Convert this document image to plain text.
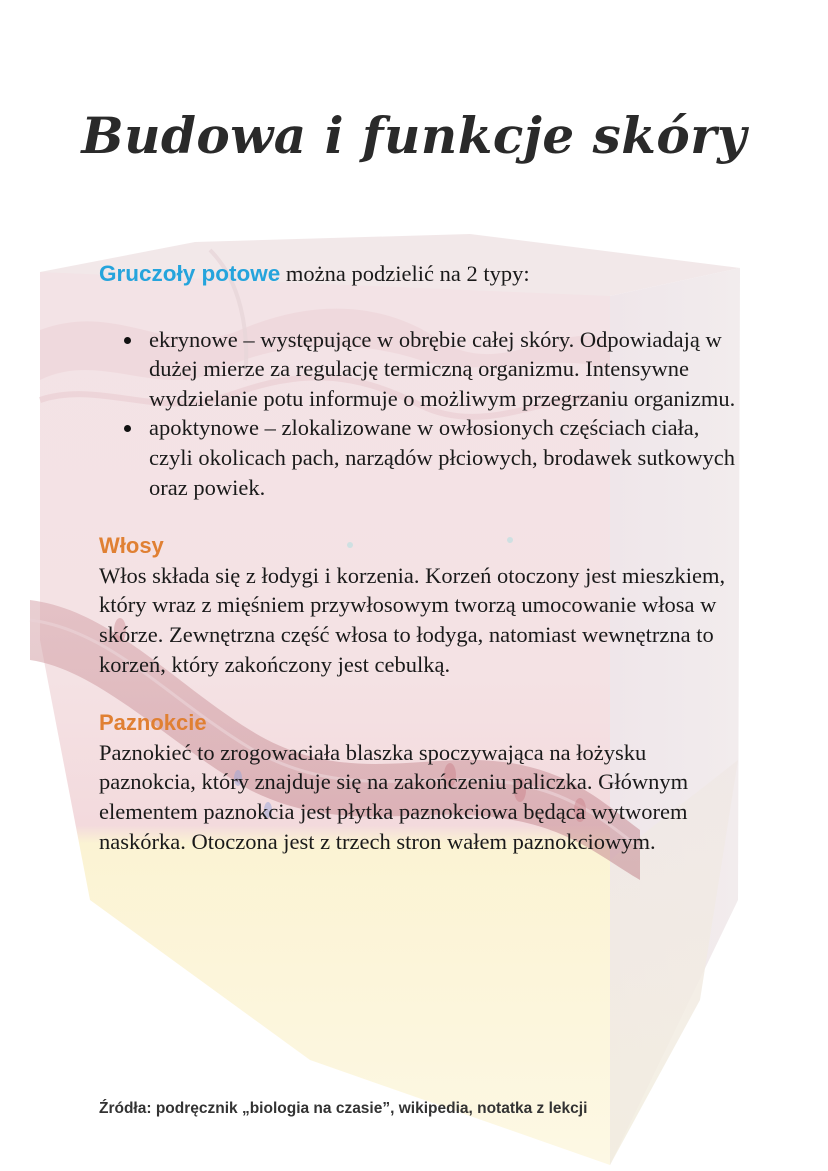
Budowa i funkcje skóry

Gruczoły potowe można podzielić na 2 typy:

ekrynowe – występujące w obrębie całej skóry. Odpowiadają w dużej mierze za regulację termiczną organizmu. Intensywne wydzielanie potu informuje o możliwym przegrzaniu organizmu.
apoktynowe – zlokalizowane w owłosionych częściach ciała, czyli okolicach pach, narządów płciowych, brodawek sutkowych oraz powiek.
Włosy

Włos składa się z łodygi i korzenia. Korzeń otoczony jest mieszkiem, który wraz z mięśniem przywłosowym tworzą umocowanie włosa w skórze. Zewnętrzna część włosa to łodyga, natomiast wewnętrzna to korzeń, który zakończony jest cebulką.

Paznokcie

Paznokieć to zrogowaciała blaszka spoczywająca na łożysku paznokcia, który znajduje się na zakończeniu paliczka. Głównym elementem paznokcia jest płytka paznokciowa będąca wytworem naskórka. Otoczona jest z trzech stron wałem paznokciowym.

Źródła: podręcznik „biologia na czasie”, wikipedia, notatka z lekcji
